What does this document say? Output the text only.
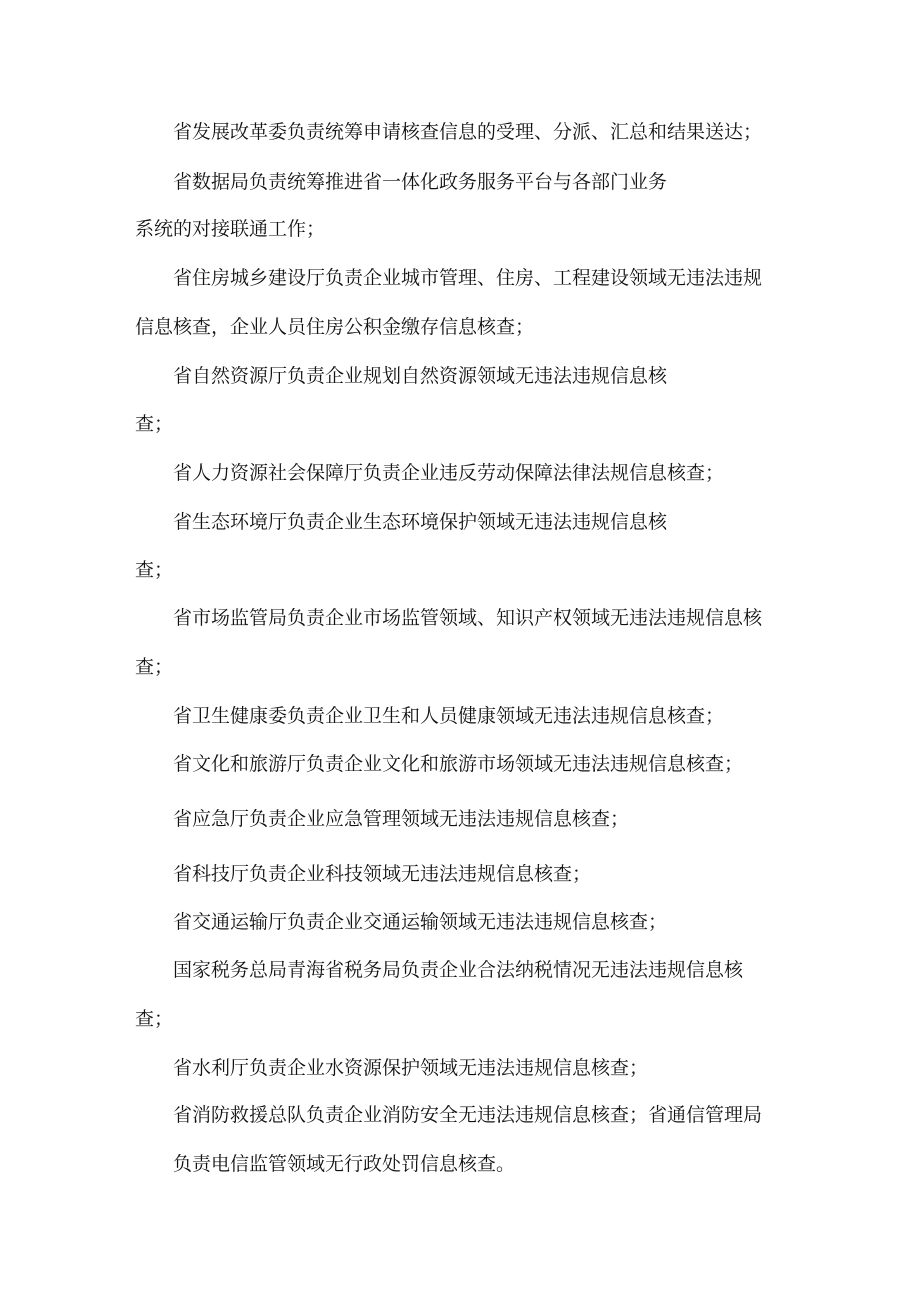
省发展改革委负责统筹申请核查信息的受理、分派、汇总和结果送达；
省数据局负责统筹推进省一体化政务服务平台与各部门业务
系统的对接联通工作；
省住房城乡建设厅负责企业城市管理、住房、工程建设领域无违法违规
信息核查，企业人员住房公积金缴存信息核查；
省自然资源厅负责企业规划自然资源领域无违法违规信息核
查；
省人力资源社会保障厅负责企业违反劳动保障法律法规信息核查；
省生态环境厅负责企业生态环境保护领域无违法违规信息核
查；
省市场监管局负责企业市场监管领域、知识产权领域无违法违规信息核
查；
省卫生健康委负责企业卫生和人员健康领域无违法违规信息核查；
省文化和旅游厅负责企业文化和旅游市场领域无违法违规信息核查；
省应急厅负责企业应急管理领域无违法违规信息核查；
省科技厅负责企业科技领域无违法违规信息核查；
省交通运输厅负责企业交通运输领域无违法违规信息核查；
国家税务总局青海省税务局负责企业合法纳税情况无违法违规信息核
查；
省水利厅负责企业水资源保护领域无违法违规信息核查；
省消防救援总队负责企业消防安全无违法违规信息核查；省通信管理局
负责电信监管领域无行政处罚信息核查。
